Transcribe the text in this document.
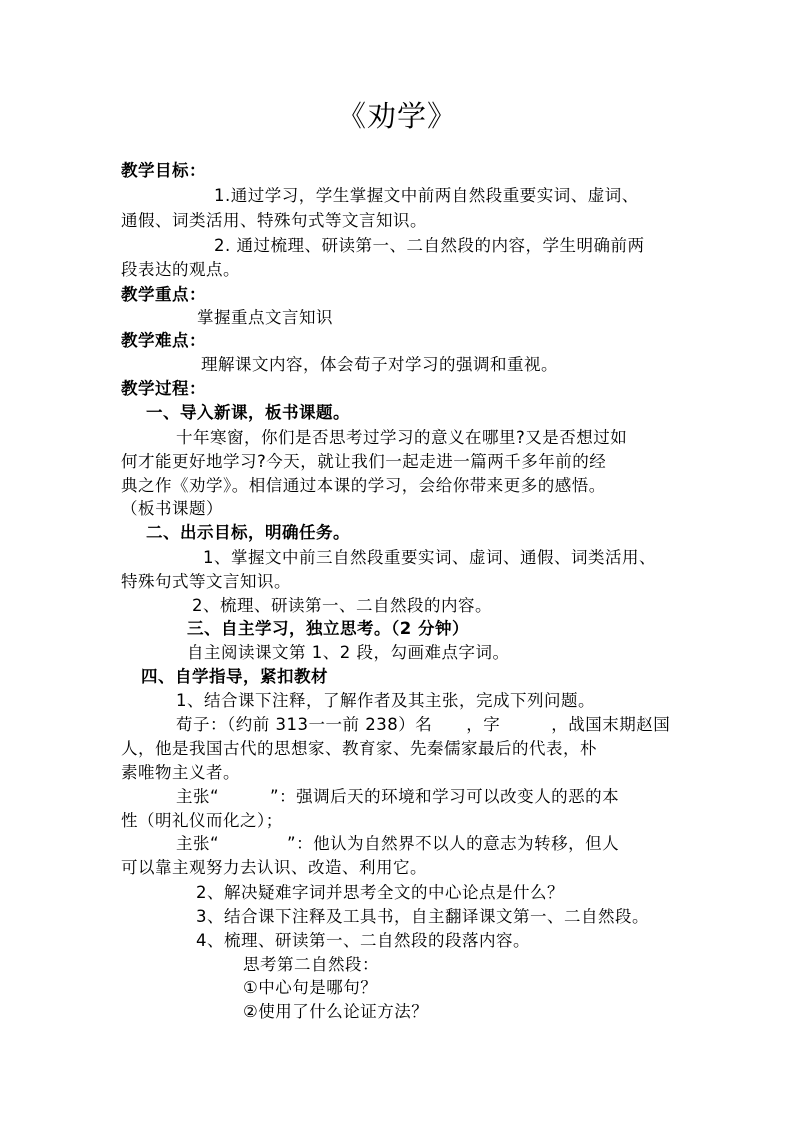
《劝学》
教学目标：
1.通过学习，学生掌握文中前两自然段重要实词、虚词、
通假、词类活用、特殊句式等文言知识。
2. 通过梳理、研读第一、二自然段的内容，学生明确前两
段表达的观点。
教学重点：
掌握重点文言知识
教学难点：
理解课文内容，体会荀子对学习的强调和重视。
教学过程：
一、导入新课，板书课题。
十年寒窗，你们是否思考过学习的意义在哪里?又是否想过如
何才能更好地学习?今天，就让我们一起走进一篇两千多年前的经
典之作《劝学》。相信通过本课的学习，会给你带来更多的感悟。
（板书课题）
二、出示目标，明确任务。
1、掌握文中前三自然段重要实词、虚词、通假、词类活用、
特殊句式等文言知识。
2、梳理、研读第一、二自然段的内容。
三、自主学习，独立思考。（2 分钟）
自主阅读课文第 1、2 段，勾画难点字词。
四、自学指导，紧扣教材
1、结合课下注释，了解作者及其主张，完成下列问题。
荀子：（约前 313一一前 238）名　　，字　　　，战国末期赵国
人，他是我国古代的思想家、教育家、先秦儒家最后的代表，朴
素唯物主义者。
主张“　　　”：强调后天的环境和学习可以改变人的恶的本
性（明礼仪而化之）；
主张“　　　　”：他认为自然界不以人的意志为转移，但人
可以靠主观努力去认识、改造、利用它。
2、解决疑难字词并思考全文的中心论点是什么？
3、结合课下注释及工具书，自主翻译课文第一、二自然段。
4、梳理、研读第一、二自然段的段落内容。
思考第二自然段：
①中心句是哪句？
②使用了什么论证方法？
